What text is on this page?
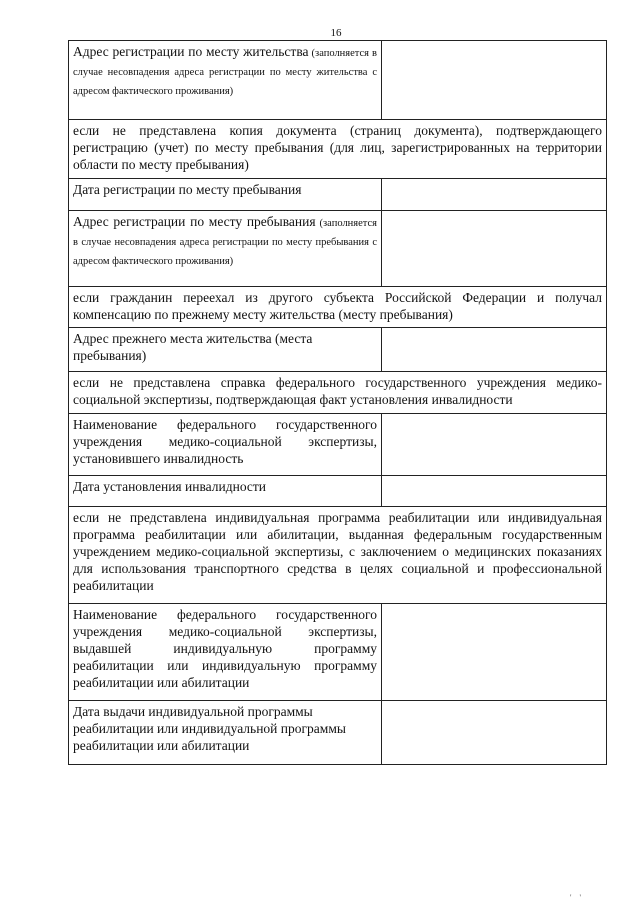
16
Адрес регистрации по месту жительства (заполняется в случае несовпадения адреса регистрации по месту жительства с адресом фактического проживания)	
если не представлена копия документа (страниц документа), подтверждающего регистрацию (учет) по месту пребывания (для лиц, зарегистрированных на территории области по месту пребывания)	
Дата регистрации по месту пребывания	
Адрес регистрации по месту пребывания (заполняется в случае несовпадения адреса регистрации по месту пребывания с адресом фактического проживания)	
если гражданин переехал из другого субъекта Российской Федерации и получал компенсацию по прежнему месту жительства (месту пребывания)	
Адрес прежнего места жительства (места пребывания)	
если не представлена справка федерального государственного учреждения медико-социальной экспертизы, подтверждающая факт установления инвалидности	
Наименование федерального государственного учреждения медико-социальной экспертизы, установившего инвалидность	
Дата установления инвалидности	
если не представлена индивидуальная программа реабилитации или индивидуальная программа реабилитации или абилитации, выданная федеральным государственным учреждением медико-социальной экспертизы, с заключением о медицинских показаниях для использования транспортного средства в целях социальной и профессиональной реабилитации	
Наименование федерального государственного учреждения медико-социальной экспертизы, выдавшей индивидуальную программу реабилитации или индивидуальную программу реабилитации или абилитации	
Дата выдачи индивидуальной программы реабилитации или индивидуальной программы реабилитации или абилитации	
' '
